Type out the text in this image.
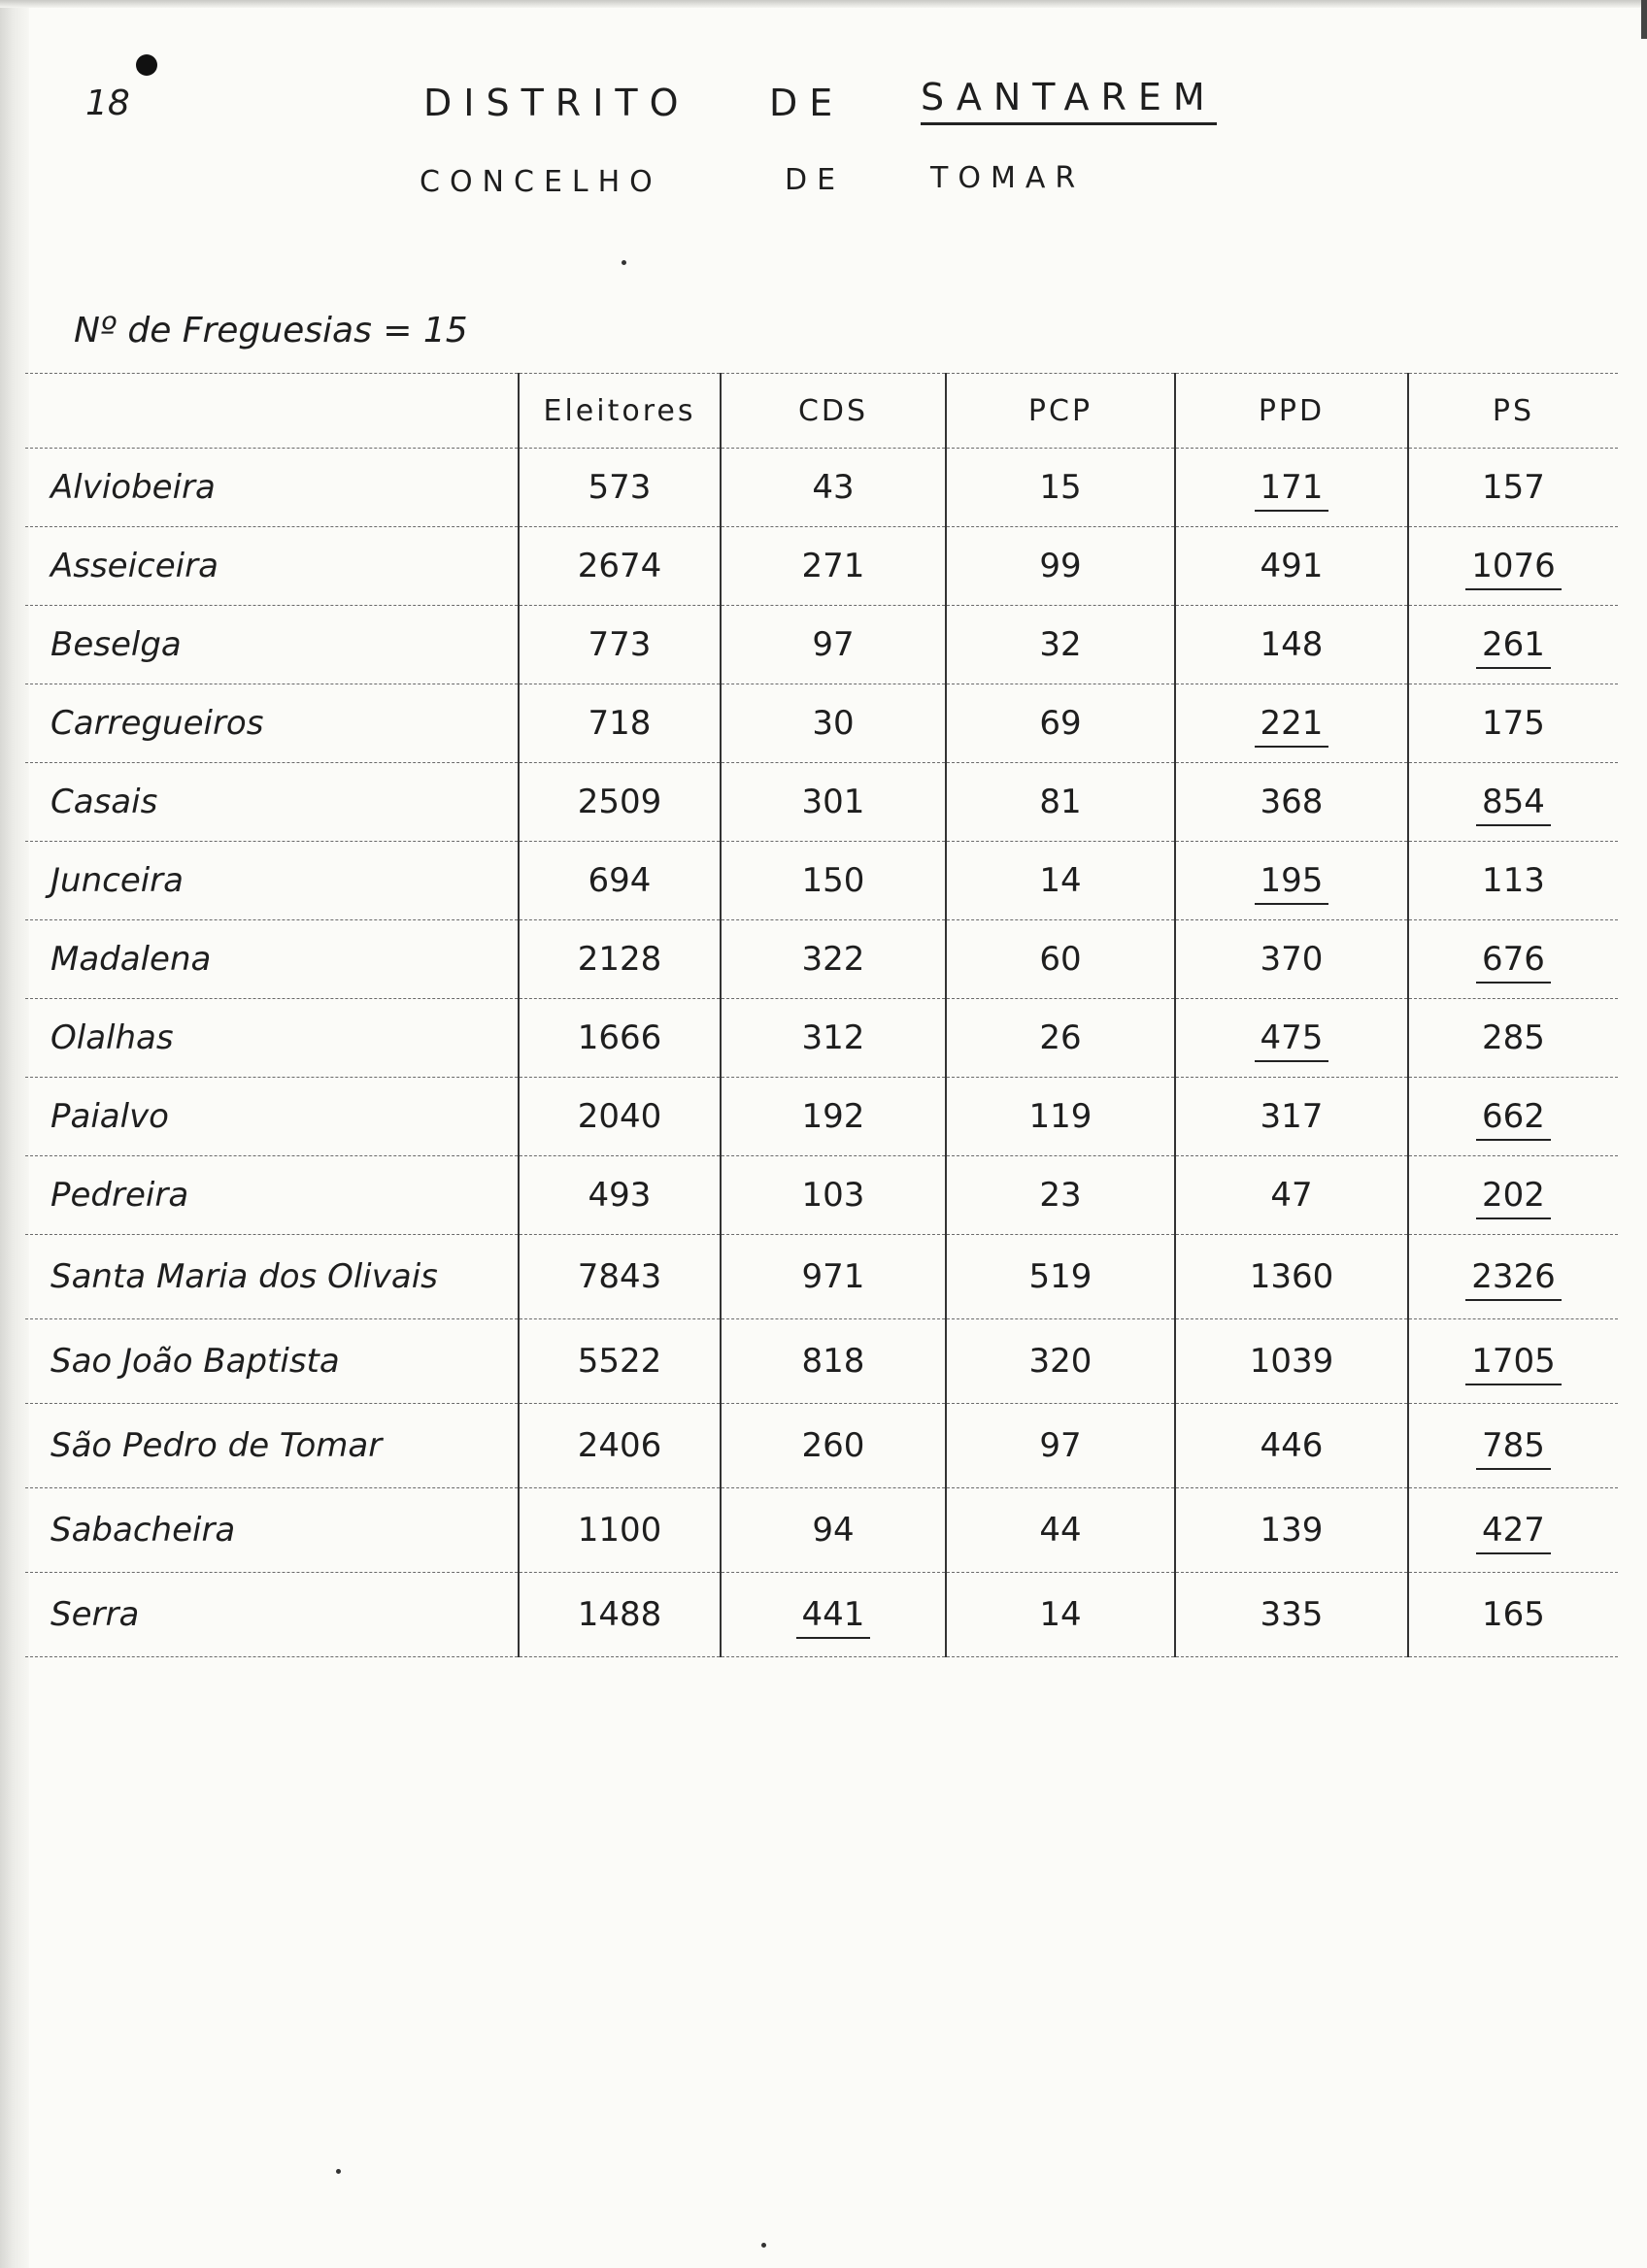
18	DISTRITO DE SANTAREM
CONCELHO	DE	TOMAR
Nº de Freguesias = 15
	Eleitores	CDS	PCP	PPD	PS
Alviobeira	573	43	15	171	157
Asseiceira	2674	271	99	491	1076
Beselga	773	97	32	148	261
Carregueiros	718	30	69	221	175
Casais	2509	301	81	368	854
Junceira	694	150	14	195	113
Madalena	2128	322	60	370	676
Olalhas	1666	312	26	475	285
Paialvo	2040	192	119	317	662
Pedreira	493	103	23	47	202
Santa Maria dos Olivais	7843	971	519	1360	2326
Sao João Baptista	5522	818	320	1039	1705
São Pedro de Tomar	2406	260	97	446	785
Sabacheira	1100	94	44	139	427
Serra	1488	441	14	335	165
